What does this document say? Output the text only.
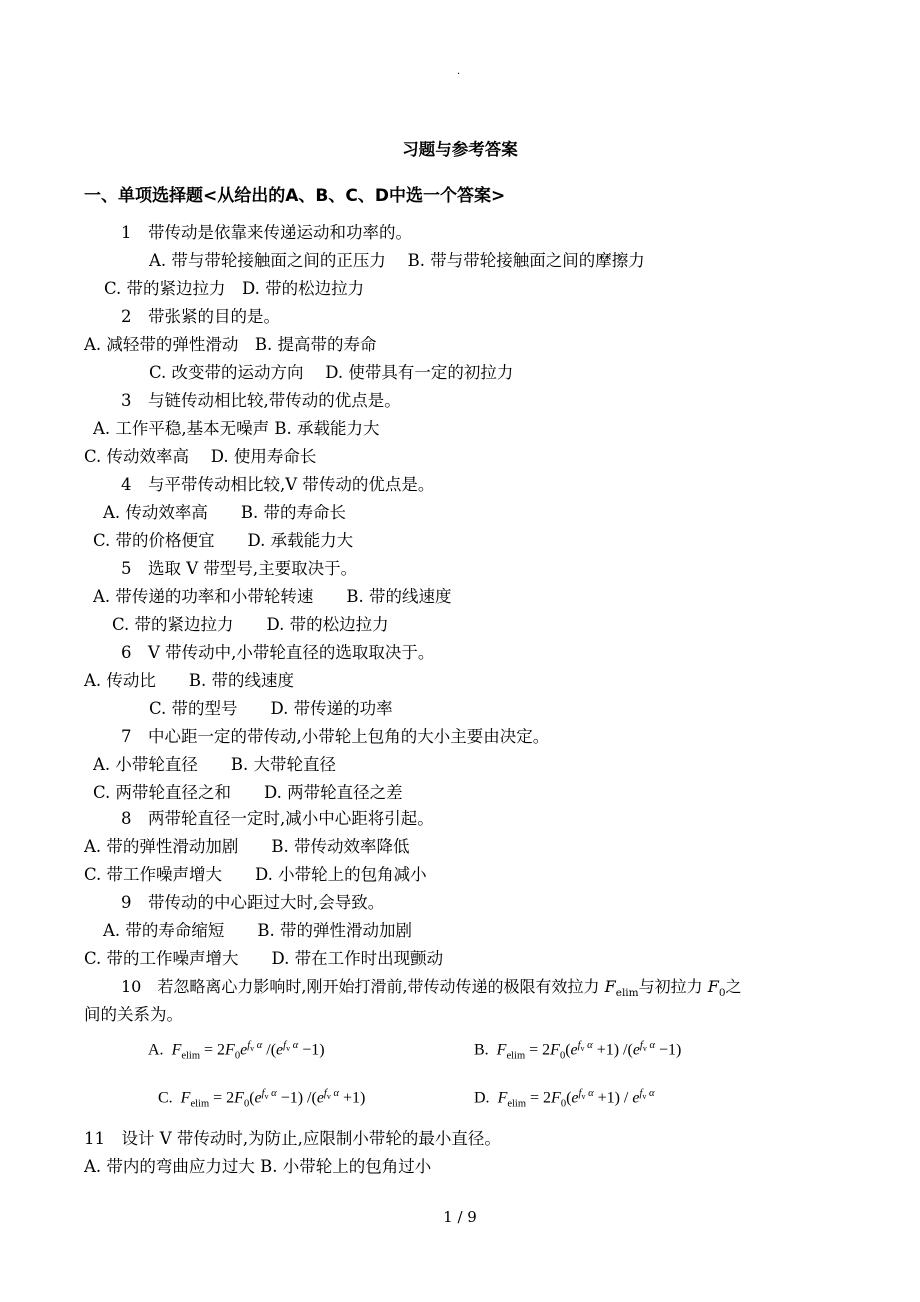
.
习题与参考答案
一、单项选择题<从给出的A、B、C、D中选一个答案>
1　带传动是依靠来传递运动和功率的。
A. 带与带轮接触面之间的正压力　 B. 带与带轮接触面之间的摩擦力
C. 带的紧边拉力　D. 带的松边拉力
2　带张紧的目的是。
A. 减轻带的弹性滑动　B. 提高带的寿命
C. 改变带的运动方向　 D. 使带具有一定的初拉力
3　与链传动相比较,带传动的优点是。
A. 工作平稳,基本无噪声 B. 承载能力大
C. 传动效率高　 D. 使用寿命长
4　与平带传动相比较,V 带传动的优点是。
A. 传动效率高　　B. 带的寿命长
C. 带的价格便宜　　D. 承载能力大
5　选取 V 带型号,主要取决于。
A. 带传递的功率和小带轮转速　　B. 带的线速度
C. 带的紧边拉力　　D. 带的松边拉力
6　V 带传动中,小带轮直径的选取取决于。
A. 传动比　　B. 带的线速度
C. 带的型号　　D. 带传递的功率
7　中心距一定的带传动,小带轮上包角的大小主要由决定。
A. 小带轮直径　　B. 大带轮直径
C. 两带轮直径之和　　D. 两带轮直径之差
8　两带轮直径一定时,减小中心距将引起。
A. 带的弹性滑动加剧　　B. 带传动效率降低
C. 带工作噪声增大　　D. 小带轮上的包角减小
9　带传动的中心距过大时,会导致。
A. 带的寿命缩短　　B. 带的弹性滑动加剧
C. 带的工作噪声增大　　D. 带在工作时出现颤动
10　若忽略离心力影响时,刚开始打滑前,带传动传递的极限有效拉力 $F_{elim}$与初拉力 $F_0$之
间的关系为。
A. $F_{elim} = 2F_0e^{f_v \alpha}$ $/(e^{f_v \alpha} -1)$	B. $F_{elim} = 2F_0(e^{f_v \alpha} +1)$ $/(e^{f_v \alpha} -1)$
C. $F_{elim} = 2F_0(e^{f_v \alpha} -1)$ $/(e^{f_v \alpha} +1)$	D. $F_{elim} = 2F_0(e^{f_v \alpha} +1) / e^{f_v \alpha}$
11　设计 V 带传动时,为防止,应限制小带轮的最小直径。
A. 带内的弯曲应力过大 B. 小带轮上的包角过小
1 / 9
